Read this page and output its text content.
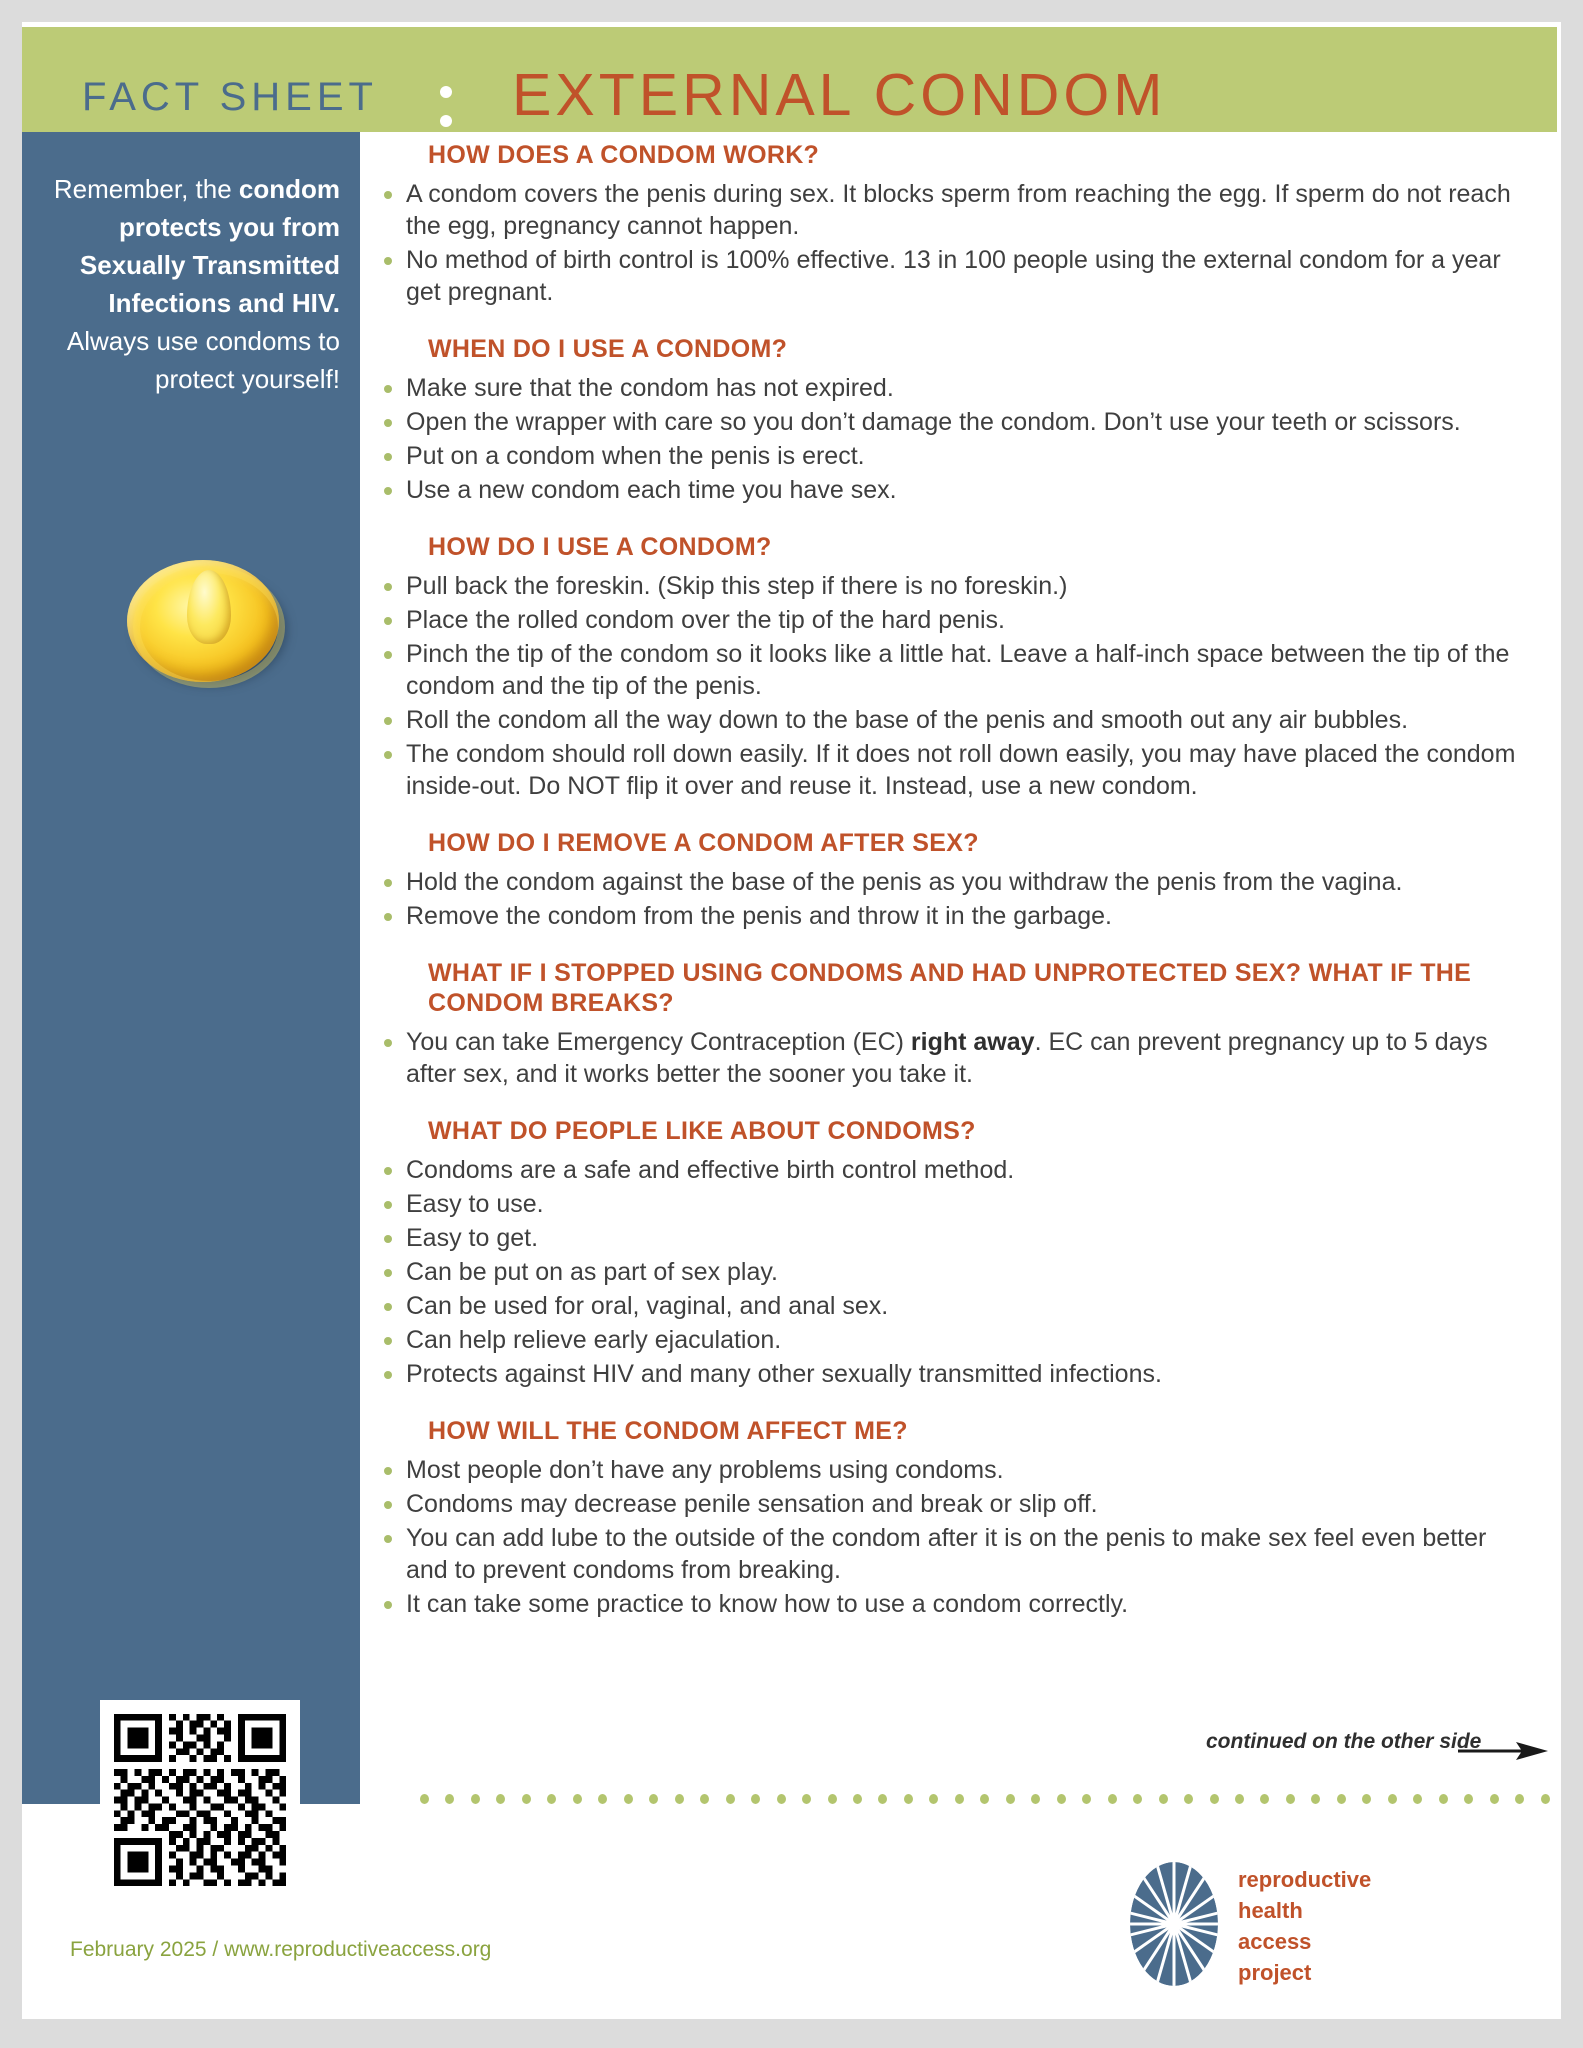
FACT SHEET EXTERNAL CONDOM
Remember, the condom protects you from Sexually Transmitted Infections and HIV. Always use condoms to protect yourself!
HOW DOES A CONDOM WORK?
A condom covers the penis during sex. It blocks sperm from reaching the egg. If sperm do not reach the egg, pregnancy cannot happen.
No method of birth control is 100% effective. 13 in 100 people using the external condom for a year get pregnant.
WHEN DO I USE A CONDOM?
Make sure that the condom has not expired.
Open the wrapper with care so you don’t damage the condom. Don’t use your teeth or scissors.
Put on a condom when the penis is erect.
Use a new condom each time you have sex.
HOW DO I USE A CONDOM?
Pull back the foreskin. (Skip this step if there is no foreskin.)
Place the rolled condom over the tip of the hard penis.
Pinch the tip of the condom so it looks like a little hat. Leave a half-inch space between the tip of the condom and the tip of the penis.
Roll the condom all the way down to the base of the penis and smooth out any air bubbles.
The condom should roll down easily. If it does not roll down easily, you may have placed the condom inside-out. Do NOT flip it over and reuse it. Instead, use a new condom.
HOW DO I REMOVE A CONDOM AFTER SEX?
Hold the condom against the base of the penis as you withdraw the penis from the vagina.
Remove the condom from the penis and throw it in the garbage.
WHAT IF I STOPPED USING CONDOMS AND HAD UNPROTECTED SEX? WHAT IF THE CONDOM BREAKS?
You can take Emergency Contraception (EC) right away. EC can prevent pregnancy up to 5 days after sex, and it works better the sooner you take it.
WHAT DO PEOPLE LIKE ABOUT CONDOMS?
Condoms are a safe and effective birth control method.
Easy to use.
Easy to get.
Can be put on as part of sex play.
Can be used for oral, vaginal, and anal sex.
Can help relieve early ejaculation.
Protects against HIV and many other sexually transmitted infections.
HOW WILL THE CONDOM AFFECT ME?
Most people don’t have any problems using condoms.
Condoms may decrease penile sensation and break or slip off.
You can add lube to the outside of the condom after it is on the penis to make sex feel even better and to prevent condoms from breaking.
It can take some practice to know how to use a condom correctly.
continued on the other side
February 2025 / www.reproductiveaccess.org
reproductive
health
access
project
